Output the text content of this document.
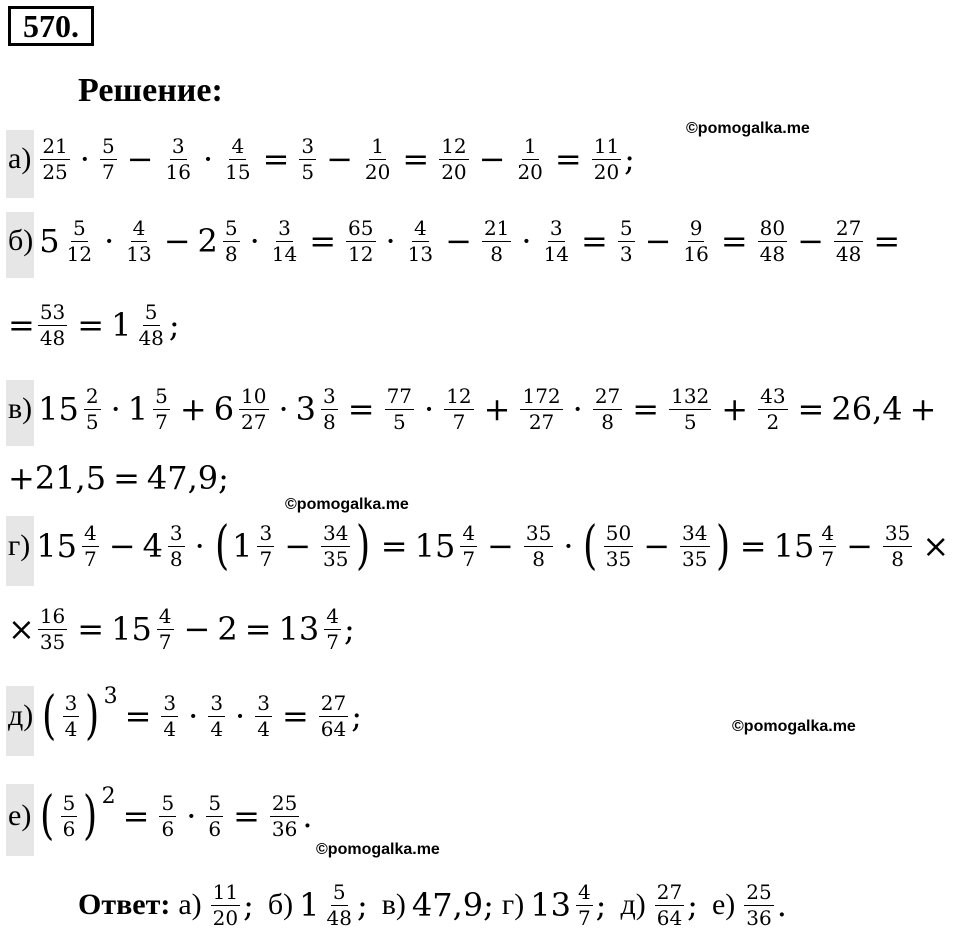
570.
Решение:
©pomogalka.me
©pomogalka.me
©pomogalka.me
©pomogalka.me
$а) \frac{21}{25} \cdot \frac{5}{7} - \frac{3}{16} \cdot \frac{4}{15} = \frac{3}{5} - \frac{1}{20} = \frac{12}{20} - \frac{1}{20} = \frac{11}{20}$ ;
б) $5 \frac{5}{12} \cdot \frac{4}{13} - 2 \frac{5}{8} \cdot \frac{3}{14} = \frac{65}{12} \cdot \frac{4}{13} - \frac{21}{8} \cdot \frac{3}{14} = \frac{5}{3} - \frac{9}{16} = \frac{80}{48} - \frac{27}{48}$ =
= $\frac{53}{48} = 1 \frac{5}{48}$ ;
в) $15 \frac{2}{5} \cdot 1 \frac{5}{7} + 6 \frac{10}{27} \cdot 3 \frac{3}{8} = \frac{77}{5} \cdot \frac{12}{7} + \frac{172}{27} \cdot \frac{27}{8} = \frac{132}{5} + \frac{43}{2} = 26,4$ +
+ 21,5 = 47,9;
г) $15 \frac{4}{7} - 4 \frac{3}{8}$ · ( $1 \frac{3}{7} - \frac{34}{35}$ ) = $15 \frac{4}{7} - \frac{35}{8}$ · ( $\frac{50}{35} - \frac{34}{35}$ ) = $15 \frac{4}{7} - \frac{35}{8}$ ×
× $\frac{16}{35} = 15 \frac{4}{7} - 2 = 13 \frac{4}{7}$ ;
д) ( $\frac{3}{4}$ ) 3
= $\frac{3}{4} \cdot \frac{3}{4} \cdot \frac{3}{4} = \frac{27}{64}$ ;
е) ( $\frac{5}{6}$ ) 2
= $\frac{5}{6} \cdot \frac{5}{6} = \frac{25}{36}$ .
Ответ: $а) \frac{11}{20}$ ; б) $1 \frac{5}{48}$ ; в) 47,9 ; г) $13 \frac{4}{7}$ ; $д) \frac{27}{64}$ ; $е) \frac{25}{36}$ .
